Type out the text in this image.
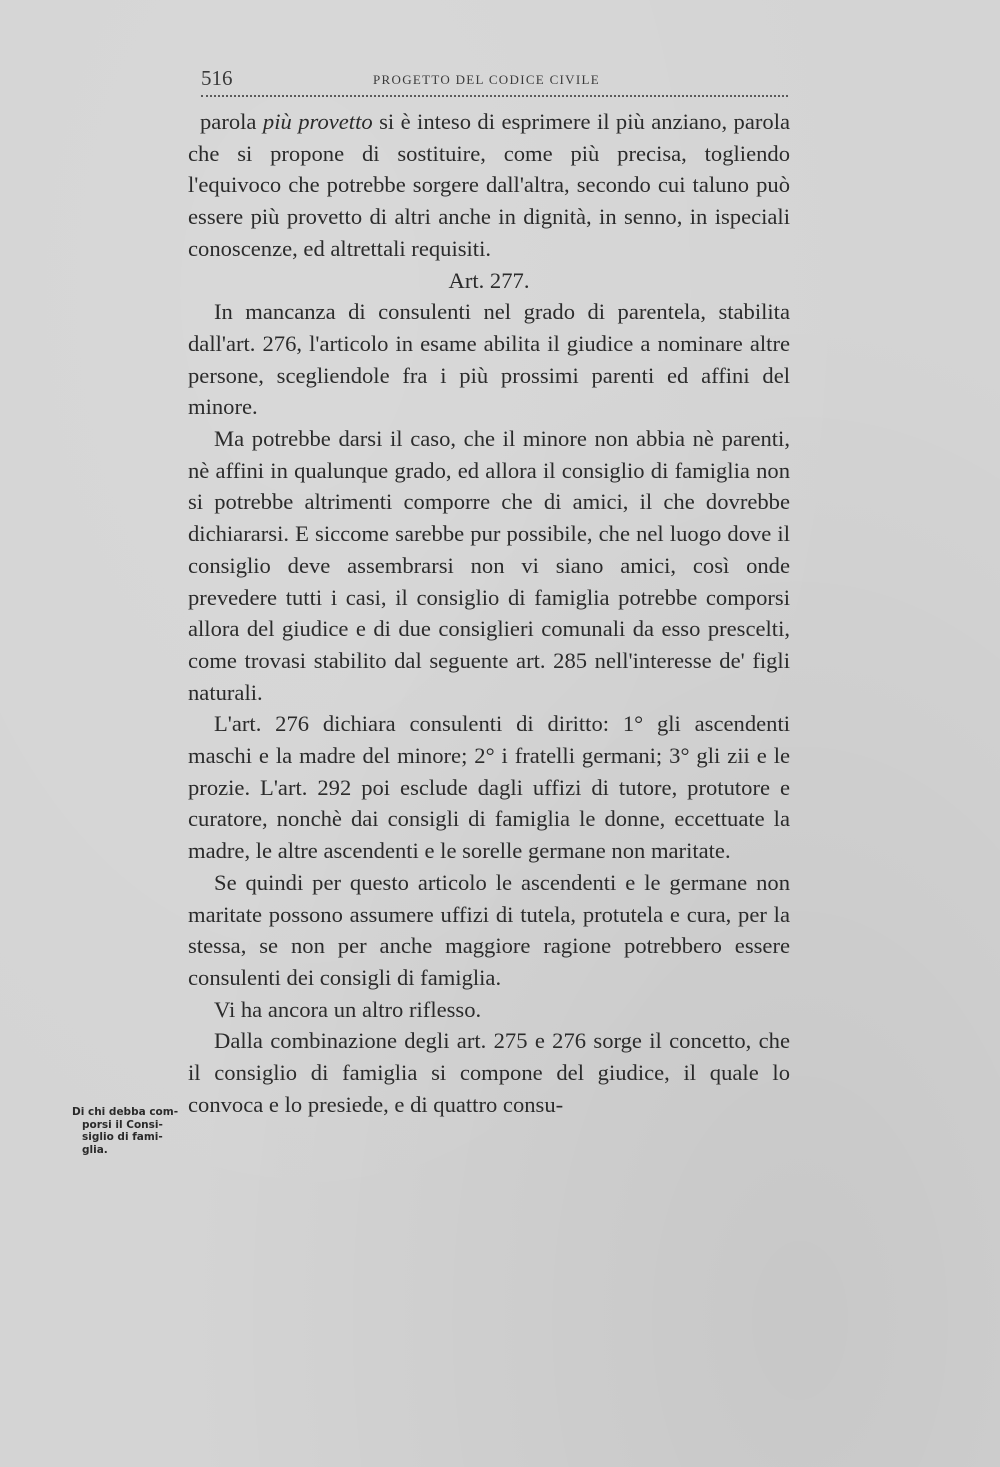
516	PROGETTO DEL CODICE CIVILE

parola più provetto si è inteso di esprimere il più anziano, parola che si propone di sostituire, come più precisa, togliendo l'equivoco che potrebbe sorgere dall'altra, secondo cui taluno può essere più provetto di altri anche in dignità, in senno, in ispeciali conoscenze, ed altrettali requisiti.

Art. 277.

In mancanza di consulenti nel grado di parentela, stabilita dall'art. 276, l'articolo in esame abilita il giudice a nominare altre persone, scegliendole fra i più prossimi parenti ed affini del minore.

Ma potrebbe darsi il caso, che il minore non abbia nè parenti, nè affini in qualunque grado, ed allora il consiglio di famiglia non si potrebbe altrimenti comporre che di amici, il che dovrebbe dichiararsi. E siccome sarebbe pur possibile, che nel luogo dove il consiglio deve assembrarsi non vi siano amici, così onde prevedere tutti i casi, il consiglio di famiglia potrebbe comporsi allora del giudice e di due consiglieri comunali da esso prescelti, come trovasi stabilito dal seguente art. 285 nell'interesse de' figli naturali.

L'art. 276 dichiara consulenti di diritto: 1° gli ascendenti maschi e la madre del minore; 2° i fratelli germani; 3° gli zii e le prozie. L'art. 292 poi esclude dagli uffizi di tutore, protutore e curatore, nonchè dai consigli di famiglia le donne, eccettuate la madre, le altre ascendenti e le sorelle germane non maritate.

Se quindi per questo articolo le ascendenti e le germane non maritate possono assumere uffizi di tutela, protutela e cura, per la stessa, se non per anche maggiore ragione potrebbero essere consulenti dei consigli di famiglia.

Vi ha ancora un altro riflesso.

Dalla combinazione degli art. 275 e 276 sorge il concetto, che il consiglio di famiglia si compone del giudice, il quale lo convoca e lo presiede, e di quattro consu-

Di chi debba com-
porsi il Consi-
siglio di fami-
glia.
